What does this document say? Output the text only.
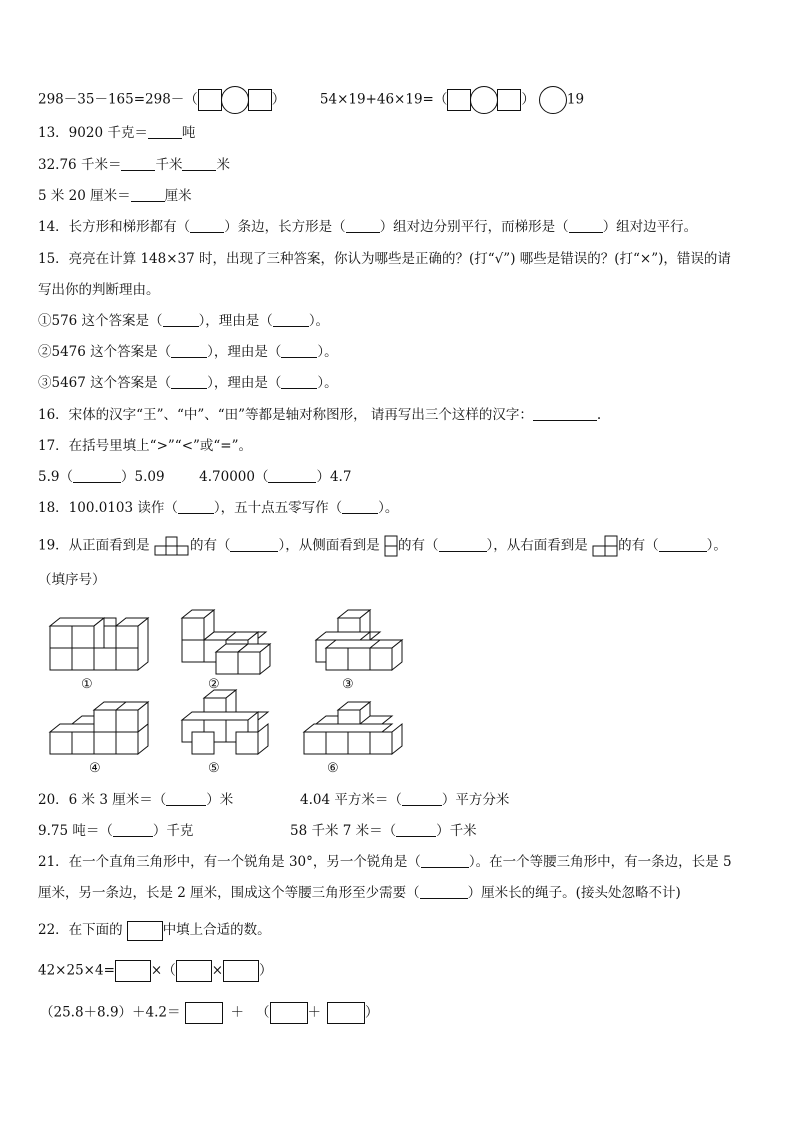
298－35－165=298－（	）	54×19+46×19=（	） 19
13．9020 千克＝	吨
32.76 千米＝	千米	米
5 米 20 厘米＝	厘米
14．长方形和梯形都有（	）条边，长方形是（	）组对边分别平行，而梯形是（	）组对边平行。
15．亮亮在计算 148×37 时，出现了三种答案，你认为哪些是正确的？(打“√”) 哪些是错误的？(打“×”)，错误的请
写出你的判断理由。
①576 这个答案是（	），理由是（	）。
②5476 这个答案是（	），理由是（	）。
③5467 这个答案是（	），理由是（	）。
16．宋体的汉字“王”、“中”、“田”等都是轴对称图形， 请再写出三个这样的汉字：	.
17．在括号里填上“>”“<”或“=”。
5.9（	）5.09	4.70000（	）4.7
18．100.0103 读作（	），五十点五零写作（	）。
19．从正面看到是	的有（	），从侧面看到是 的有（	），从右面看到是 的有（	）。
（填序号）
①	②	③
④	⑤	⑥
20．6 米 3 厘米＝（	）米	4.04 平方米＝（	）平方分米
9.75 吨＝（	）千克	58 千米 7 米＝（	）千米
21．在一个直角三角形中，有一个锐角是 30°，另一个锐角是（	）。在一个等腰三角形中，有一条边，长是 5
厘米，另一条边，长是 2 厘米，围成这个等腰三角形至少需要（	）厘米长的绳子。(接头处忽略不计)
22．在下面的	中填上合适的数。
42×25×4=	×（	×	）
（25.8＋8.9）＋4.2＝	＋ （	＋	）
